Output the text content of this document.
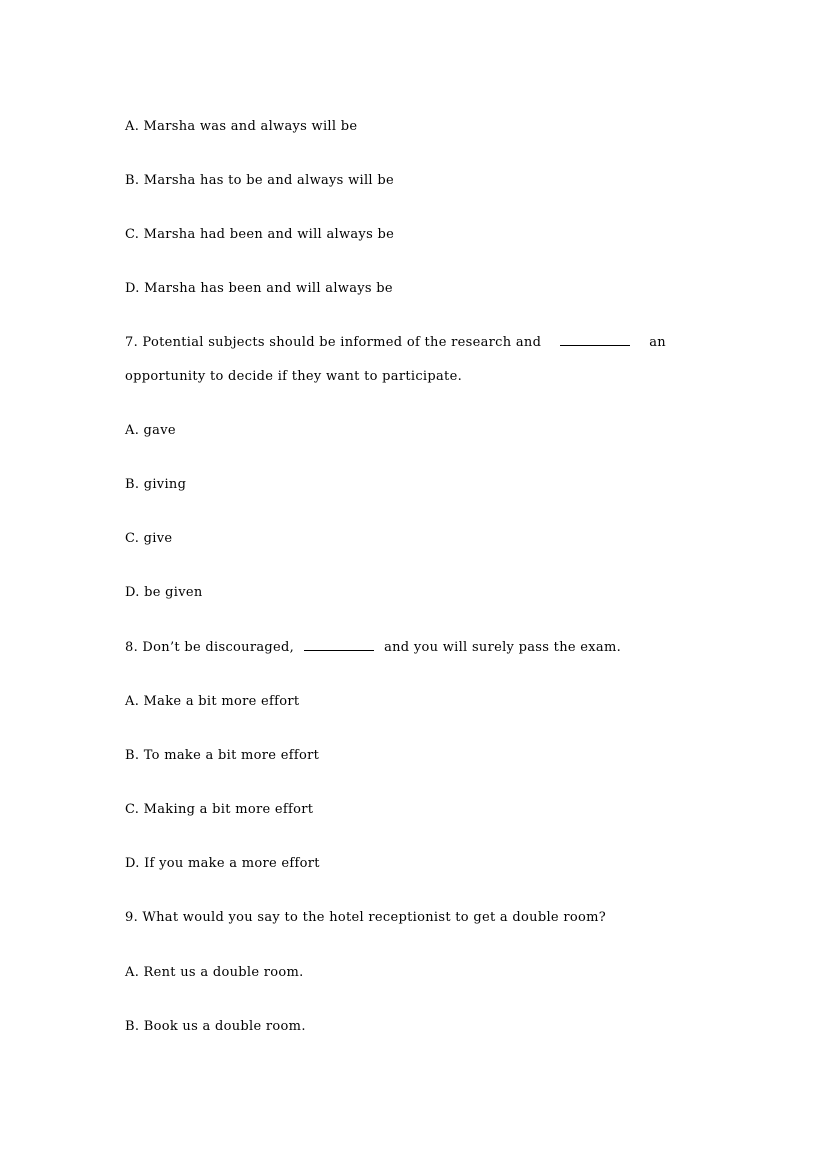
A. Marsha was and always will be

B. Marsha has to be and always will be

C. Marsha had been and will always be

D. Marsha has been and will always be

7. Potential subjects should be informed of the research and	an

opportunity to decide if they want to participate.

A. gave

B. giving

C. give

D. be given

8. Don’t be discouraged,	and you will surely pass the exam.

A. Make a bit more effort

B. To make a bit more effort

C. Making a bit more effort

D. If you make a more effort

9. What would you say to the hotel receptionist to get a double room?

A. Rent us a double room.

B. Book us a double room.
